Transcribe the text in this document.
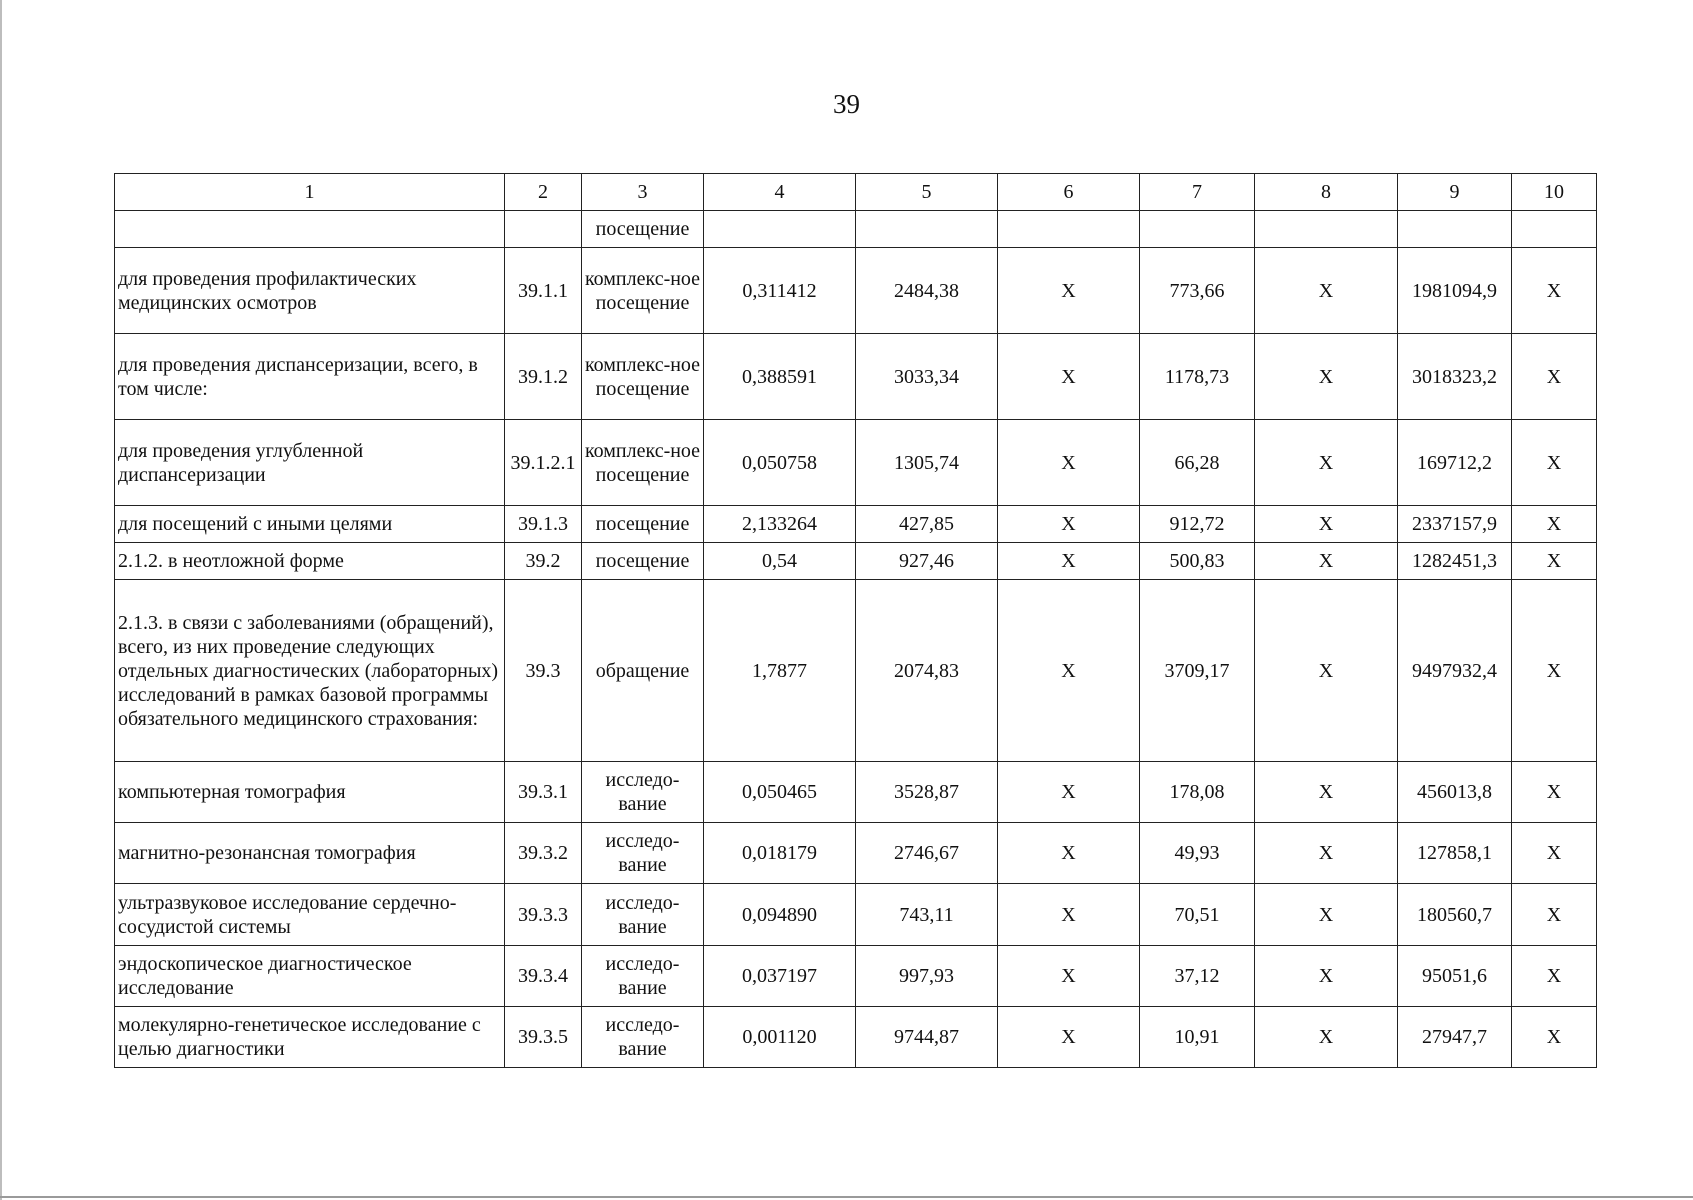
39
1	2	3	4	5	6	7	8	9	10
		посещение							
для проведения профилактических медицинских осмотров	39.1.1	комплекс-ное посещение	0,311412	2484,38	X	773,66	X	1981094,9	X
для проведения диспансеризации, всего, в том числе:	39.1.2	комплекс-ное посещение	0,388591	3033,34	X	1178,73	X	3018323,2	X
для проведения углубленной диспансеризации	39.1.2.1	комплекс-ное посещение	0,050758	1305,74	X	66,28	X	169712,2	X
для посещений с иными целями	39.1.3	посещение	2,133264	427,85	X	912,72	X	2337157,9	X
2.1.2. в неотложной форме	39.2	посещение	0,54	927,46	X	500,83	X	1282451,3	X
2.1.3. в связи с заболеваниями (обращений), всего, из них проведение следующих отдельных диагностических (лабораторных) исследований в рамках базовой программы обязательного медицинского страхования:	39.3	обращение	1,7877	2074,83	X	3709,17	X	9497932,4	X
компьютерная томография	39.3.1	исследо-вание	0,050465	3528,87	X	178,08	X	456013,8	X
магнитно-резонансная томография	39.3.2	исследо-вание	0,018179	2746,67	X	49,93	X	127858,1	X
ультразвуковое исследование сердечно-сосудистой системы	39.3.3	исследо-вание	0,094890	743,11	X	70,51	X	180560,7	X
эндоскопическое диагностическое исследование	39.3.4	исследо-вание	0,037197	997,93	X	37,12	X	95051,6	X
молекулярно-генетическое исследование с целью диагностики	39.3.5	исследо-вание	0,001120	9744,87	X	10,91	X	27947,7	X
